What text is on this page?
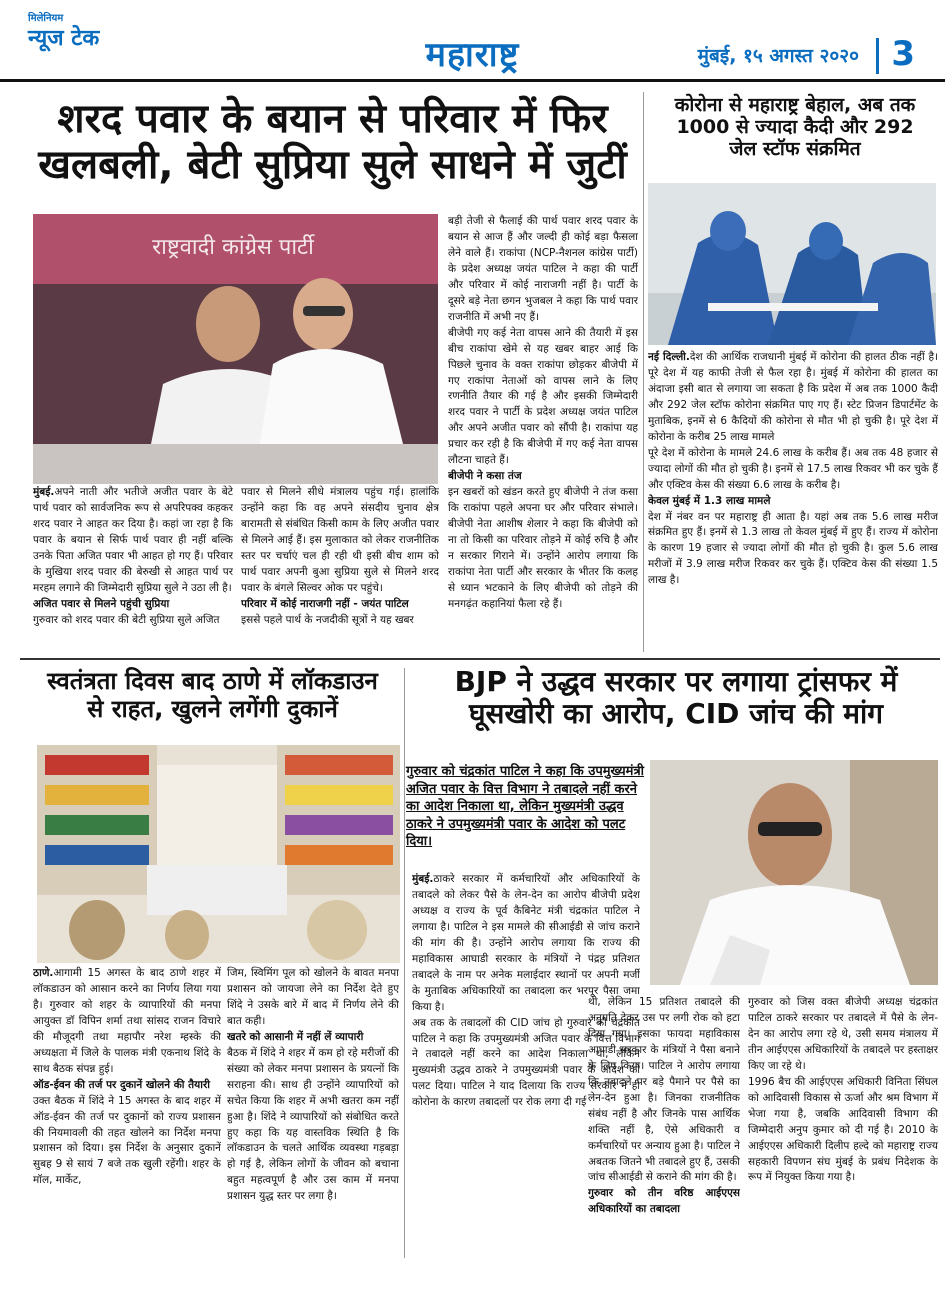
मिलेनियम
न्यूज टेक	महाराष्ट्र	मुंबई, १५ अगस्त २०२० 3
शरद पवार के बयान से परिवार में फिर
खलबली, बेटी सुप्रिया सुले साधने में जुटीं
राष्ट्रवादी कांग्रेस पार्टी

मुंबई.अपने नाती और भतीजे अजीत पवार के बेटे पार्थ पवार को सार्वजनिक रूप से अपरिपक्व कहकर शरद पवार ने आहत कर दिया है। कहां जा रहा है कि पवार के बयान से सिर्फ पार्थ पवार ही नहीं बल्कि उनके पिता अजित पवार भी आहत हो गए हैं। परिवार के मुखिया शरद पवार की बेरुखी से आहत पार्थ पर मरहम लगाने की जिम्मेदारी सुप्रिया सुले ने उठा ली है।

अजित पवार से मिलने पहुंची सुप्रिया

गुरुवार को शरद पवार की बेटी सुप्रिया सुले अजित

पवार से मिलने सीधे मंत्रालय पहुंच गई। हालांकि उन्होंने कहा कि वह अपने संसदीय चुनाव क्षेत्र बारामती से संबंधित किसी काम के लिए अजीत पवार से मिलने आई हैं। इस मुलाकात को लेकर राजनीतिक स्तर पर चर्चाएं चल ही रही थी इसी बीच शाम को पार्थ पवार अपनी बुआ सुप्रिया सुले से मिलने शरद पवार के बंगले सिल्वर ओक पर पहुंचे।

परिवार में कोई नाराजगी नहीं - जयंत पाटिल

इससे पहले पार्थ के नजदीकी सूत्रों ने यह खबर

बड़ी तेजी से फैलाई की पार्थ पवार शरद पवार के बयान से आज हैं और जल्दी ही कोई बड़ा फैसला लेने वाले हैं। राकांपा (NCP-नैशनल कांग्रेस पार्टी) के प्रदेश अध्यक्ष जयंत पाटिल ने कहा की पार्टी और परिवार में कोई नाराजगी नहीं है। पार्टी के दूसरे बड़े नेता छगन भुजबल ने कहा कि पार्थ पवार राजनीति में अभी नए हैं।

बीजेपी गए कई नेता वापस आने की तैयारी में इस बीच राकांपा खेमे से यह खबर बाहर आई कि पिछले चुनाव के वक्त राकांपा छोड़कर बीजेपी में गए राकांपा नेताओं को वापस लाने के लिए रणनीति तैयार की गई है और इसकी जिम्मेदारी शरद पवार ने पार्टी के प्रदेश अध्यक्ष जयंत पाटिल और अपने अजीत पवार को सौंपी है। राकांपा यह प्रचार कर रही है कि बीजेपी में गए कई नेता वापस लौटना चाहते हैं।

बीजेपी ने कसा तंज

इन खबरों को खंडन करते हुए बीजेपी ने तंज कसा कि राकांपा पहले अपना घर और परिवार संभाले। बीजेपी नेता आशीष शेलार ने कहा कि बीजेपी को ना तो किसी का परिवार तोड़ने में कोई रुचि है और न सरकार गिराने में। उन्होंने आरोप लगाया कि राकांपा नेता पार्टी और सरकार के भीतर कि कलह से ध्यान भटकाने के लिए बीजेपी को तोड़ने की मनगढ़ंत कहानियां फैला रहे हैं।

कोरोना से महाराष्ट्र बेहाल, अब तक
1000 से ज्यादा कैदी और 292
जेल स्टॉफ संक्रमित

नई दिल्ली.देश की आर्थिक राजधानी मुंबई में कोरोना की हालत ठीक नहीं है। पूरे देश में यह काफी तेजी से फैल रहा है। मुंबई में कोरोना की हालत का अंदाजा इसी बात से लगाया जा सकता है कि प्रदेश में अब तक 1000 कैदी और 292 जेल स्टॉफ कोरोना संक्रमित पाए गए हैं। स्टेट प्रिजन डिपार्टमेंट के मुताबिक, इनमें से 6 कैदियों की कोरोना से मौत भी हो चुकी है। पूरे देश में कोरोना के करीब 25 लाख मामले

पूरे देश में कोरोना के मामले 24.6 लाख के करीब हैं। अब तक 48 हजार से ज्यादा लोगों की मौत हो चुकी है। इनमें से 17.5 लाख रिकवर भी कर चुके हैं और एक्टिव केस की संख्या 6.6 लाख के करीब है।

केवल मुंबई में 1.3 लाख मामले

देश में नंबर वन पर महाराष्ट्र ही आता है। यहां अब तक 5.6 लाख मरीज संक्रमित हुए हैं। इनमें से 1.3 लाख तो केवल मुंबई में हुए हैं। राज्य में कोरोना के कारण 19 हजार से ज्यादा लोगों की मौत हो चुकी है। कुल 5.6 लाख मरीजों में 3.9 लाख मरीज रिकवर कर चुके हैं। एक्टिव केस की संख्या 1.5 लाख है।

स्वतंत्रता दिवस बाद ठाणे में लॉकडाउन
से राहत, खुलने लगेंगी दुकानें

ठाणे.आगामी 15 अगस्त के बाद ठाणे शहर में लॉकडाउन को आसान करने का निर्णय लिया गया है। गुरुवार को शहर के व्यापारियों की मनपा आयुक्त डॉ विपिन शर्मा तथा सांसद राजन विचारे की मौजूदगी तथा महापौर नरेश म्हस्के की अध्यक्षता में जिले के पालक मंत्री एकनाथ शिंदे के साथ बैठक संपन्न हुई।

ऑड-ईवन की तर्ज पर दुकानें खोलने की तैयारी

उक्त बैठक में शिंदे ने 15 अगस्त के बाद शहर में ऑड-ईवन की तर्ज पर दुकानों को राज्य प्रशासन की नियमावली की तहत खोलने का निर्देश मनपा प्रशासन को दिया। इस निर्देश के अनुसार दुकानें सुबह 9 से सायं 7 बजे तक खुली रहेंगी। शहर के मॉल, मार्केट,

जिम, स्विमिंग पूल को खोलने के बावत मनपा प्रशासन को जायजा लेने का निर्देश देते हुए शिंदे ने उसके बारे में बाद में निर्णय लेने की बात कही।

खतरे को आसानी में नहीं लें व्यापारी

बैठक में शिंदे ने शहर में कम हो रहे मरीजों की संख्या को लेकर मनपा प्रशासन के प्रयत्नों कि सराहना की। साथ ही उन्होंने व्यापारियों को सचेत किया कि शहर में अभी खतरा कम नहीं हुआ है। शिंदे ने व्यापारियों को संबोधित करते हुए कहा कि यह वास्तविक स्थिति है कि लॉकडाउन के चलते आर्थिक व्यवस्था गड़बड़ा हो गई है, लेकिन लोगों के जीवन को बचाना बहुत महत्वपूर्ण है और उस काम में मनपा प्रशासन युद्ध स्तर पर लगा है।

BJP ने उद्धव सरकार पर लगाया ट्रांसफर में
घूसखोरी का आरोप, CID जांच की मांग
गुरुवार को चंद्रकांत पाटिल ने कहा कि उपमुख्यमंत्री अजित पवार के वित्त विभाग ने तबादले नहीं करने का आदेश निकाला था, लेकिन मुख्यमंत्री उद्धव ठाकरे ने उपमुख्यमंत्री पवार के आदेश को पलट दिया।

मुंबई.ठाकरे सरकार में कर्मचारियों और अधिकारियों के तबादले को लेकर पैसे के लेन-देन का आरोप बीजेपी प्रदेश अध्यक्ष व राज्य के पूर्व कैबिनेट मंत्री चंद्रकांत पाटिल ने लगाया है। पाटिल ने इस मामले की सीआईडी से जांच कराने की मांग की है। उन्होंने आरोप लगाया कि राज्य की महाविकास आघाडी सरकार के मंत्रियों ने पंद्रह प्रतिशत तबादले के नाम पर अनेक मलाईदार स्थानों पर अपनी मर्जी के मुताबिक अधिकारियों का तबादला कर भरपूर पैसा जमा किया है।

अब तक के तबादलों की CID जांच हो गुरुवार को चंद्रकांत पाटिल ने कहा कि उपमुख्यमंत्री अजित पवार के वित्त विभाग ने तबादले नहीं करने का आदेश निकाला था, लेकिन मुख्यमंत्री उद्धव ठाकरे ने उपमुख्यमंत्री पवार के आदेश को पलट दिया। पाटिल ने याद दिलाया कि राज्य सरकार ने ही कोरोना के कारण तबादलों पर रोक लगा दी गई

थी, लेकिन 15 प्रतिशत तबादले की अनुमति देकर उस पर लगी रोक को हटा दिया गया। इसका फायदा महाविकास आघाडी सरकार के मंत्रियों ने पैसा बनाने के लिए किया। पाटिल ने आरोप लगाया कि तबादले पर बड़े पैमाने पर पैसे का लेन-देन हुआ है। जिनका राजनीतिक संबंध नहीं है और जिनके पास आर्थिक शक्ति नहीं है, ऐसे अधिकारी व कर्मचारियों पर अन्याय हुआ है। पाटिल ने अबतक जितने भी तबादले हुए हैं, उसकी जांच सीआईडी से कराने की मांग की है।

गुरुवार को तीन वरिष्ठ आईएएस अधिकारियों का तबादला

गुरुवार को जिस वक्त बीजेपी अध्यक्ष चंद्रकांत पाटिल ठाकरे सरकार पर तबादले में पैसे के लेन-देन का आरोप लगा रहे थे, उसी समय मंत्रालय में तीन आईएएस अधिकारियों के तबादले पर हस्ताक्षर किए जा रहे थे।

1996 बैच की आईएएस अधिकारी विनिता सिंघल को आदिवासी विकास से ऊर्जा और श्रम विभाग में भेजा गया है, जबकि आदिवासी विभाग की जिम्मेदारी अनुप कुमार को दी गई है। 2010 के आईएएस अधिकारी दिलीप हल्दे को महाराष्ट्र राज्य सहकारी विपणन संघ मुंबई के प्रबंध निदेशक के रूप में नियुक्त किया गया है।
